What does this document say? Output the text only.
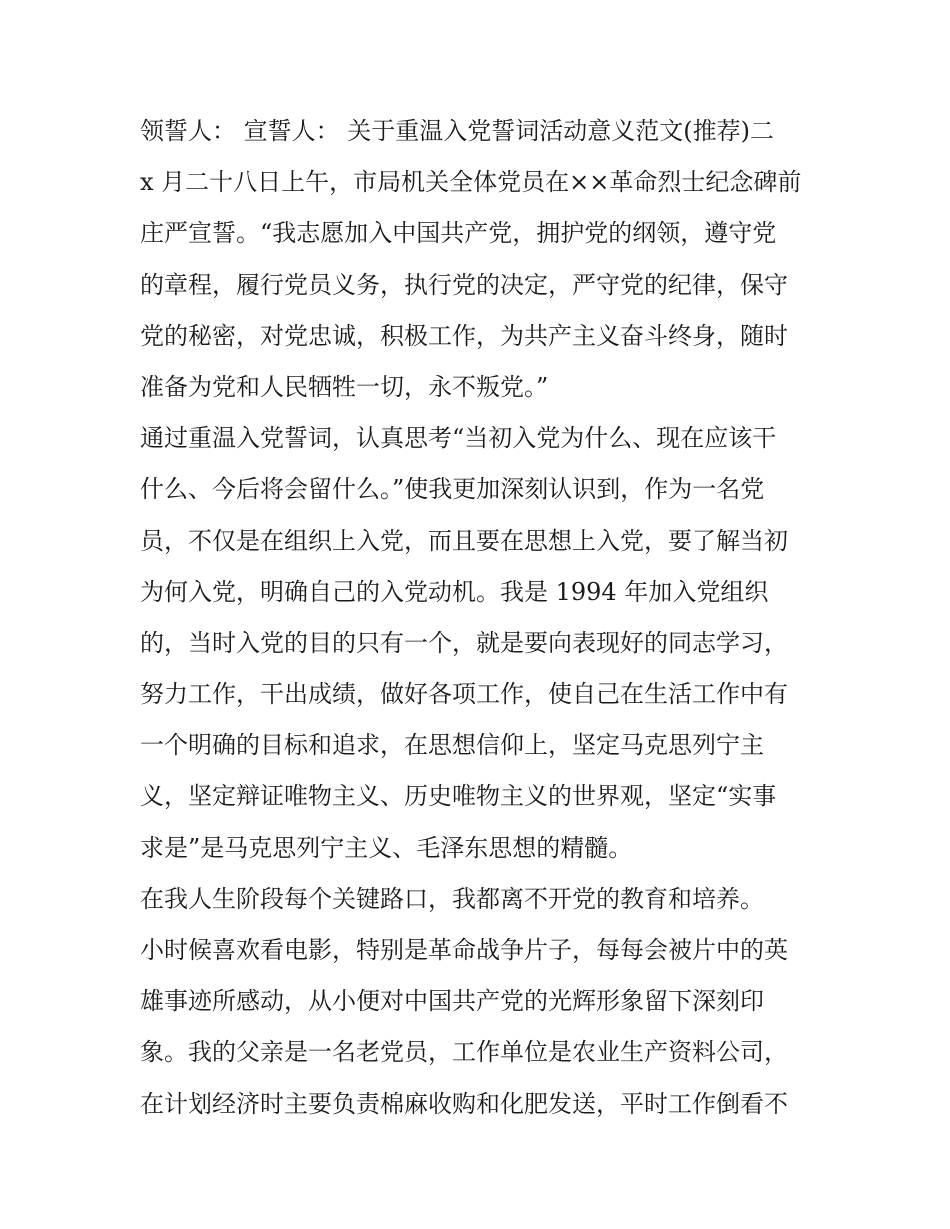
领誓人： 宣誓人： 关于重温入党誓词活动意义范文(推荐)二
x 月二十八日上午，市局机关全体党员在××革命烈士纪念碑前
庄严宣誓。“我志愿加入中国共产党，拥护党的纲领，遵守党
的章程，履行党员义务，执行党的决定，严守党的纪律，保守
党的秘密，对党忠诚，积极工作，为共产主义奋斗终身，随时
准备为党和人民牺牲一切，永不叛党。”
通过重温入党誓词，认真思考“当初入党为什么、现在应该干
什么、今后将会留什么。”使我更加深刻认识到，作为一名党
员，不仅是在组织上入党，而且要在思想上入党，要了解当初
为何入党，明确自己的入党动机。我是 1994 年加入党组织
的，当时入党的目的只有一个，就是要向表现好的同志学习，
努力工作，干出成绩，做好各项工作，使自己在生活工作中有
一个明确的目标和追求，在思想信仰上，坚定马克思列宁主
义，坚定辩证唯物主义、历史唯物主义的世界观，坚定“实事
求是”是马克思列宁主义、毛泽东思想的精髓。
在我人生阶段每个关键路口，我都离不开党的教育和培养。
小时候喜欢看电影，特别是革命战争片子，每每会被片中的英
雄事迹所感动，从小便对中国共产党的光辉形象留下深刻印
象。我的父亲是一名老党员，工作单位是农业生产资料公司，
在计划经济时主要负责棉麻收购和化肥发送，平时工作倒看不
